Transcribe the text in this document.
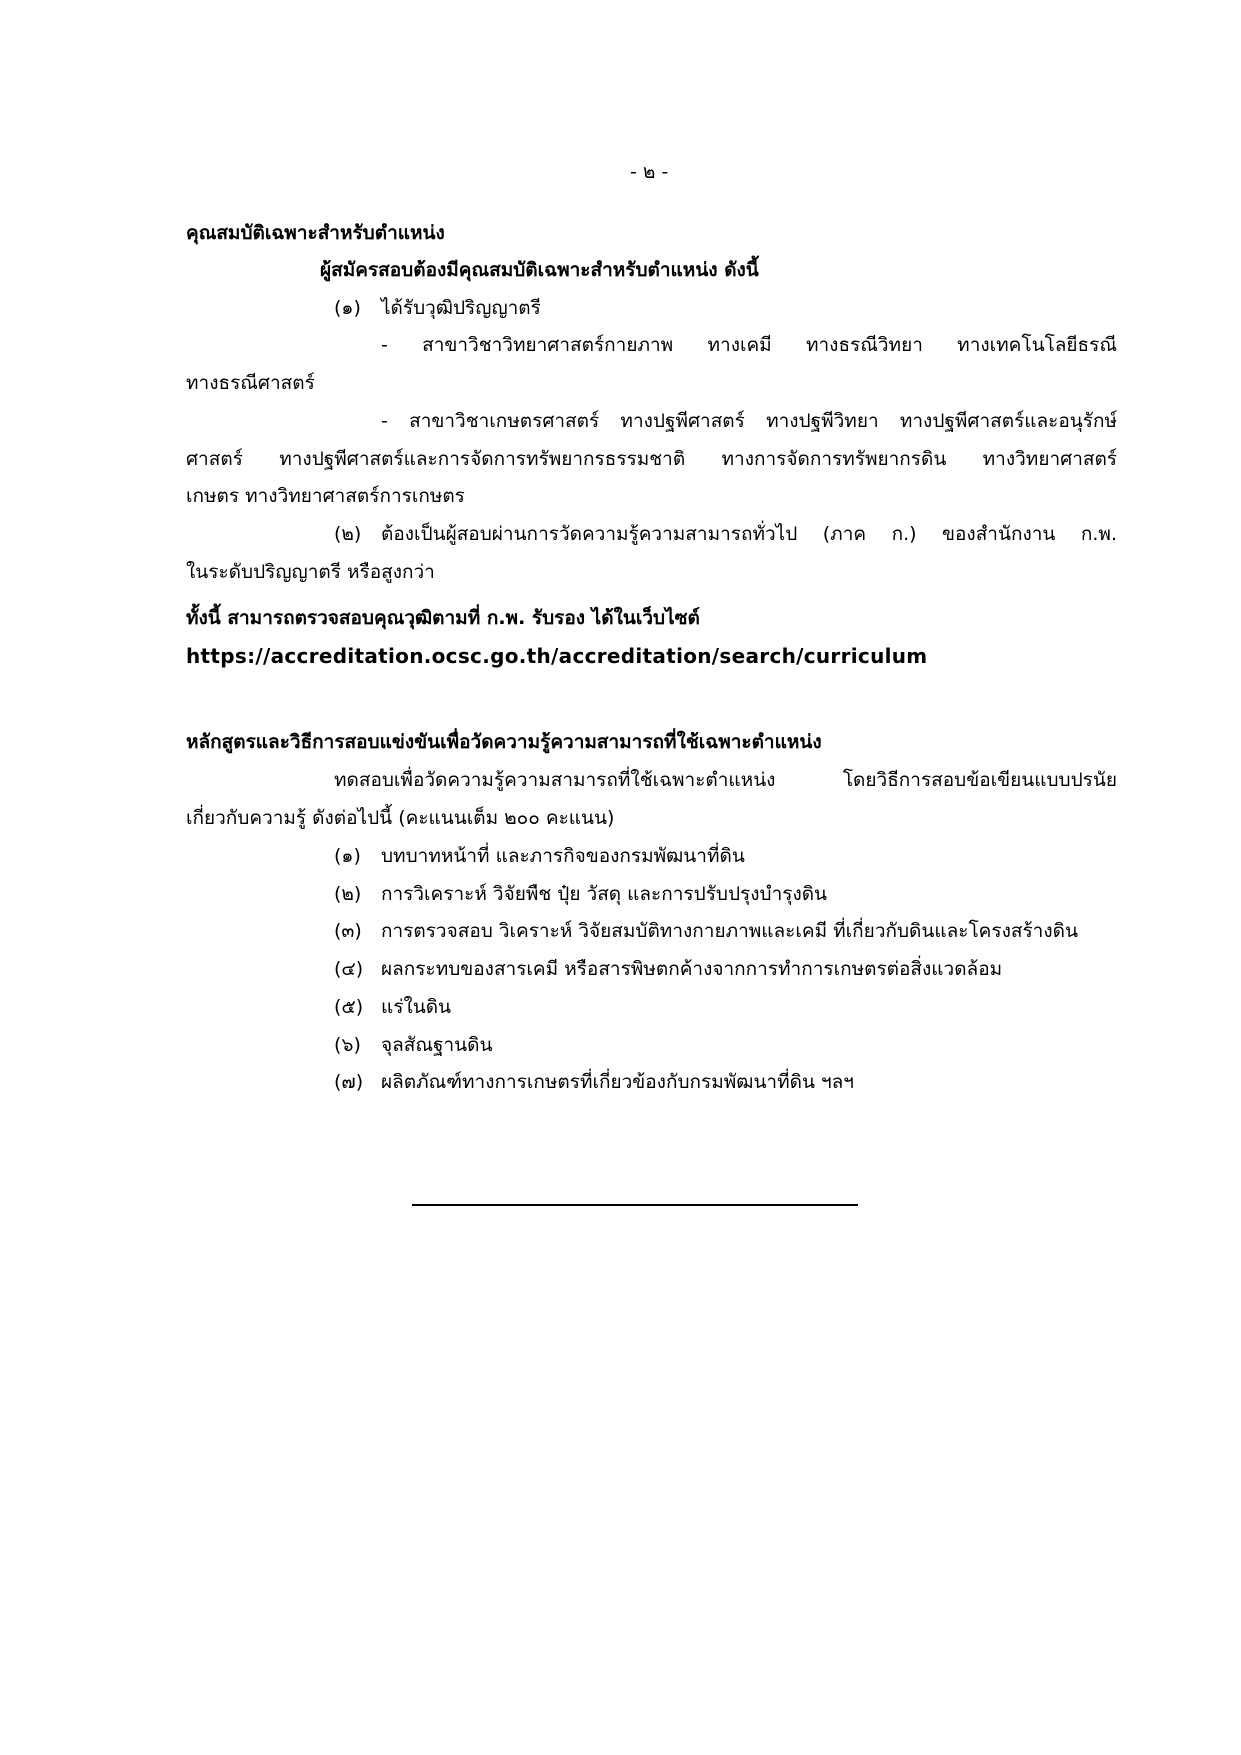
- ๒ -
คุณสมบัติเฉพาะสำหรับตำแหน่ง
ผู้สมัครสอบต้องมีคุณสมบัติเฉพาะสำหรับตำแหน่ง ดังนี้
(๑) ได้รับวุฒิปริญญาตรี
- สาขาวิชาวิทยาศาสตร์กายภาพ ทางเคมี ทางธรณีวิทยา ทางเทคโนโลยีธรณี
ทางธรณีศาสตร์
- สาขาวิชาเกษตรศาสตร์ ทางปฐพีศาสตร์ ทางปฐพีวิทยา ทางปฐพีศาสตร์และอนุรักษ์
ศาสตร์ ทางปฐพีศาสตร์และการจัดการทรัพยากรธรรมชาติ ทางการจัดการทรัพยากรดิน ทางวิทยาศาสตร์
เกษตร ทางวิทยาศาสตร์การเกษตร
(๒) ต้องเป็นผู้สอบผ่านการวัดความรู้ความสามารถทั่วไป (ภาค ก.) ของสำนักงาน ก.พ.
ในระดับปริญญาตรี หรือสูงกว่า
ทั้งนี้ สามารถตรวจสอบคุณวุฒิตามที่ ก.พ. รับรอง ได้ในเว็บไซต์
https://accreditation.ocsc.go.th/accreditation/search/curriculum
หลักสูตรและวิธีการสอบแข่งขันเพื่อวัดความรู้ความสามารถที่ใช้เฉพาะตำแหน่ง
ทดสอบเพื่อวัดความรู้ความสามารถที่ใช้เฉพาะตำแหน่ง โดยวิธีการสอบข้อเขียนแบบปรนัย
เกี่ยวกับความรู้ ดังต่อไปนี้ (คะแนนเต็ม ๒๐๐ คะแนน)
(๑) บทบาทหน้าที่ และภารกิจของกรมพัฒนาที่ดิน
(๒) การวิเคราะห์ วิจัยพืช ปุ๋ย วัสดุ และการปรับปรุงบำรุงดิน
(๓) การตรวจสอบ วิเคราะห์ วิจัยสมบัติทางกายภาพและเคมี ที่เกี่ยวกับดินและโครงสร้างดิน
(๔) ผลกระทบของสารเคมี หรือสารพิษตกค้างจากการทำการเกษตรต่อสิ่งแวดล้อม
(๕) แร่ในดิน
(๖) จุลสัณฐานดิน
(๗) ผลิตภัณฑ์ทางการเกษตรที่เกี่ยวข้องกับกรมพัฒนาที่ดิน ฯลฯ
